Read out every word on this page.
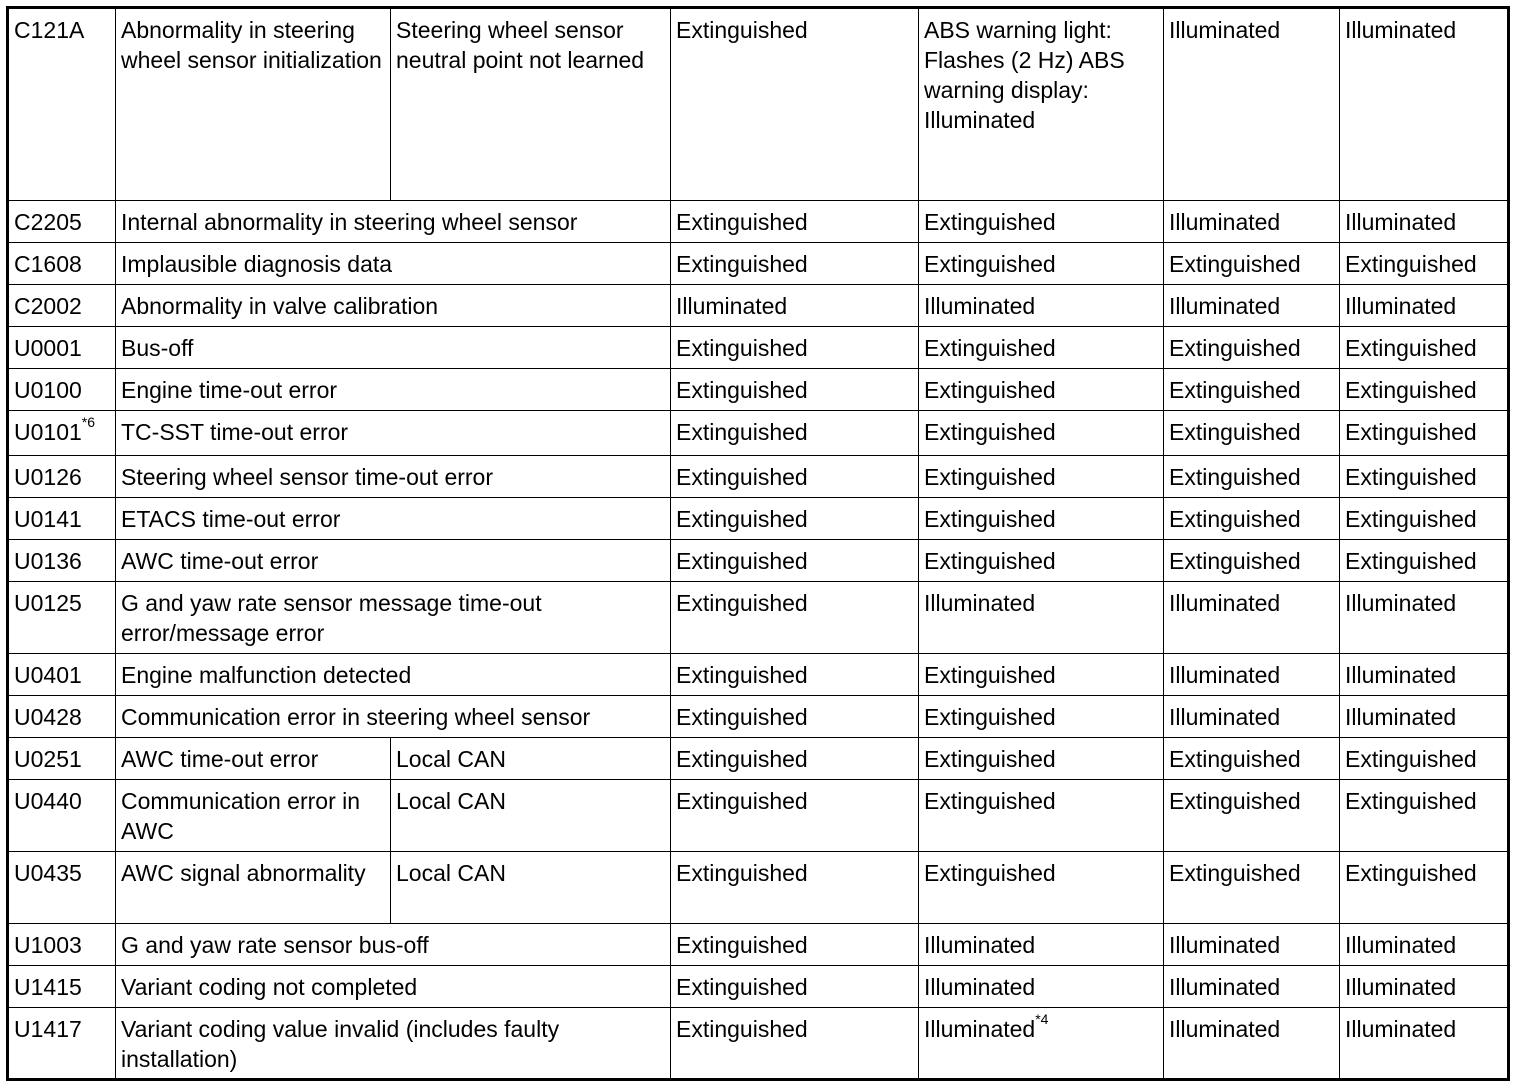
C121A	Abnormality in steering wheel sensor initialization	Steering wheel sensor neutral point not learned	Extinguished	ABS warning light: Flashes (2 Hz) ABS warning display: Illuminated	Illuminated	Illuminated
C2205	Internal abnormality in steering wheel sensor		Extinguished	Extinguished	Illuminated	Illuminated
C1608	Implausible diagnosis data		Extinguished	Extinguished	Extinguished	Extinguished
C2002	Abnormality in valve calibration		Illuminated	Illuminated	Illuminated	Illuminated
U0001	Bus-off		Extinguished	Extinguished	Extinguished	Extinguished
U0100	Engine time-out error		Extinguished	Extinguished	Extinguished	Extinguished
U0101$^{*6}$	TC-SST time-out error		Extinguished	Extinguished	Extinguished	Extinguished
U0126	Steering wheel sensor time-out error		Extinguished	Extinguished	Extinguished	Extinguished
U0141	ETACS time-out error		Extinguished	Extinguished	Extinguished	Extinguished
U0136	AWC time-out error		Extinguished	Extinguished	Extinguished	Extinguished
U0125	G and yaw rate sensor message time-out error/message error		Extinguished	Illuminated	Illuminated	Illuminated
U0401	Engine malfunction detected		Extinguished	Extinguished	Illuminated	Illuminated
U0428	Communication error in steering wheel sensor		Extinguished	Extinguished	Illuminated	Illuminated
U0251	AWC time-out error	Local CAN	Extinguished	Extinguished	Extinguished	Extinguished
U0440	Communication error in AWC	Local CAN	Extinguished	Extinguished	Extinguished	Extinguished
U0435	AWC signal abnormality	Local CAN	Extinguished	Extinguished	Extinguished	Extinguished
U1003	G and yaw rate sensor bus-off		Extinguished	Illuminated	Illuminated	Illuminated
U1415	Variant coding not completed		Extinguished	Illuminated	Illuminated	Illuminated
U1417	Variant coding value invalid (includes faulty installation)		Extinguished	Illuminated$^{*4}$	Illuminated	Illuminated
